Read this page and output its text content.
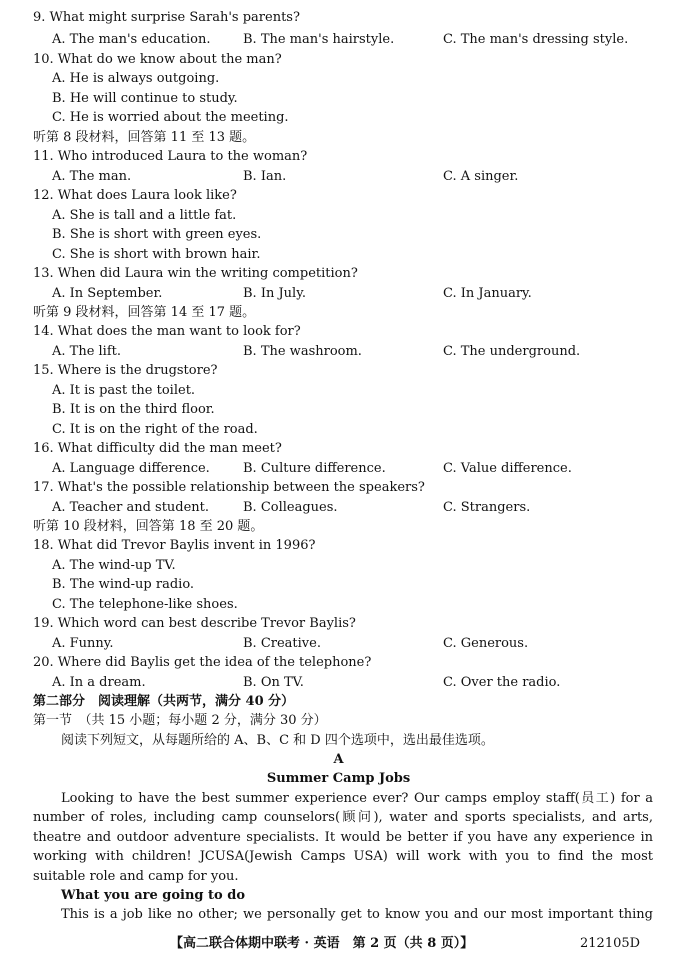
9. What might surprise Sarah's parents?
A. The man's education.	B. The man's hairstyle.	C. The man's dressing style.
10. What do we know about the man?
A. He is always outgoing.
B. He will continue to study.
C. He is worried about the meeting.
听第 8 段材料，回答第 11 至 13 题。
11. Who introduced Laura to the woman?
A. The man.	B. Ian.	C. A singer.
12. What does Laura look like?
A. She is tall and a little fat.
B. She is short with green eyes.
C. She is short with brown hair.
13. When did Laura win the writing competition?
A. In September.	B. In July.	C. In January.
听第 9 段材料，回答第 14 至 17 题。
14. What does the man want to look for?
A. The lift.	B. The washroom.	C. The underground.
15. Where is the drugstore?
A. It is past the toilet.
B. It is on the third floor.
C. It is on the right of the road.
16. What difficulty did the man meet?
A. Language difference.	B. Culture difference.	C. Value difference.
17. What's the possible relationship between the speakers?
A. Teacher and student.	B. Colleagues.	C. Strangers.
听第 10 段材料，回答第 18 至 20 题。
18. What did Trevor Baylis invent in 1996?
A. The wind-up TV.
B. The wind-up radio.
C. The telephone-like shoes.
19. Which word can best describe Trevor Baylis?
A. Funny.	B. Creative.	C. Generous.
20. Where did Baylis get the idea of the telephone?
A. In a dream.	B. On TV.	C. Over the radio.
第二部分　 阅读理解（共两节，满分 40 分）
第一节　（共 15 小题；每小题 2 分，满分 30 分）
阅读下列短文，从每题所给的 A、B、C 和 D 四个选项中，选出最佳选项。
A
Summer Camp Jobs
Looking to have the best summer experience ever? Our camps employ staff(员工) for a
number of roles, including camp counselors(顾问), water and sports specialists, and arts,
theatre and outdoor adventure specialists. It would be better if you have any experience in
working with children! JCUSA(Jewish Camps USA) will work with you to find the most
suitable role and camp for you.
What you are going to do
This is a job like no other; we personally get to know you and our most important thing
【高二联合体期中联考 · 英语　第 2 页（共 8 页）】	212105D
